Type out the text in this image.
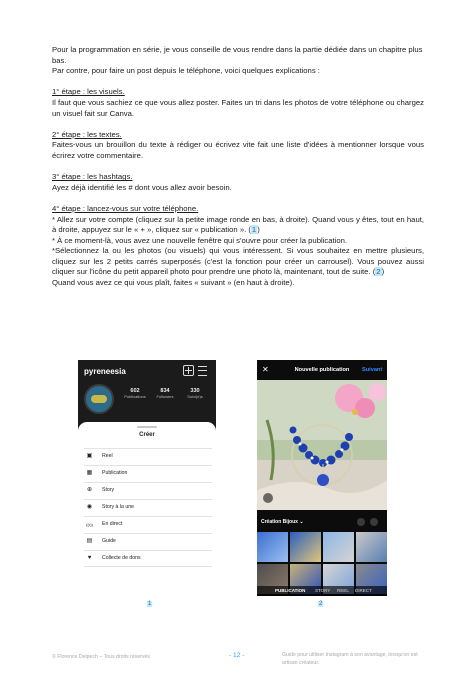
Pour la programmation en série, je vous conseille de vous rendre dans la partie dédiée dans un chapitre plus bas.

Par contre, pour faire un post depuis le téléphone, voici quelques explications :

1° étape : les visuels.

Il faut que vous sachiez ce que vous allez poster. Faites un tri dans les photos de votre téléphone ou chargez un visuel fait sur Canva.

2° étape : les textes.

Faites-vous un brouillon du texte à rédiger ou écrivez vite fait une liste d'idées à mentionner lorsque vous écrirez votre commentaire.

3° étape : les hashtags.

Ayez déjà identifié les # dont vous allez avoir besoin.

4° étape : lancez-vous sur votre téléphone.

* Allez sur votre compte (cliquez sur la petite image ronde en bas, à droite). Quand vous y êtes, tout en haut, à droite, appuyez sur le « + », cliquez sur « publication ». (1)

* À ce moment-là, vous avez une nouvelle fenêtre qui s'ouvre pour créer la publication.

*Sélectionnez la ou les photos (ou visuels) qui vous intéressent. Si vous souhaitez en mettre plusieurs, cliquez sur les 2 petits carrés superposés (c'est la fonction pour créer un carrousel). Vous pouvez aussi cliquer sur l'icône du petit appareil photo pour prendre une photo là, maintenant, tout de suite. (2)

Quand vous avez ce qui vous plaît, faites « suivant » (en haut à droite).

pyreneesia
602
Publications
834
Followers
330
Suivi(e)s
Créer
▣ Reel
▦ Publication
⊕ Story
◉ Story à la une
((•))	En direct
▤ Guide
♥	Collecte de dons
1
✕	Nouvelle publication	Suivant
Création Bijoux ⌄
PUBLICATION STORY REEL DIRECT
2
© Florence Delpech – Tous droits réservés	- 12 -	Guide pour utiliser Instagram à son avantage, lorsqu'on est artisan créateur.
